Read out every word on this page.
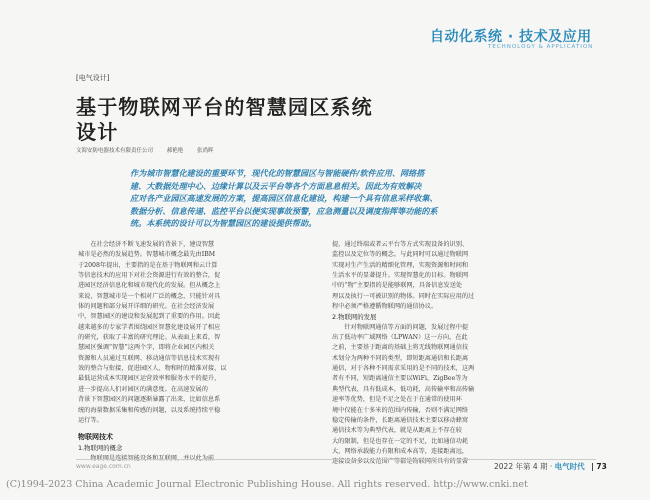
自动化系统 · 技术及应用
TECHNOLOGY & APPLICATION
[电气设计]
基于物联网平台的智慧园区系统
设计
文海安防电器技术有限责任公司	郝艳艳	张尚晖
作为城市智慧化建设的重要环节，现代化的智慧园区与智能硬件/软件应用、网络搭
建、大数据处理中心、边缘计算以及云平台等各个方面息息相关。因此为有效解决
应对各产业园区高速发展的方案，提高园区信息化建设，构建一个具有信息采样收集、
数据分析、信息传递、监控平台以便实现事故预警，应急测量以及调度指挥等功能的系
统。本系统的设计可以为智慧园区的建设提供帮助。
　　在社会经济不断飞速发展的背景下，建设智慧
城市是必然的发展趋势。智慧城市概念最先由IBM
于2008年提出，主要指的是在基于物联网和云计算
等信息技术的应用下对社会资源进行有效的整合，促
进园区经济信息化和城市现代化的发展。但从概念上
来说，智慧城市是一个相对广泛的概念，只能针对具
体的问题和部分展开详细的研究。在社会经济发展
中，智慧园区的建设和发展起到了重要的作用。因此
越来越多的专家学者围绕园区智慧化建设展开了相应
的研究，获取了丰富的研究理论。从表面上来看，智
慧园区强调“智慧”这两个字，即将企业园区内相关
资源和人员通过互联网、移动通信等信息技术实现有
效的整合与衔接，促进园区人、物和时的精准对接，以
最低运营成本实现园区运营效率和服务水平的提升，
进一步提高人们对园区的满意度。在高速发展的
背景下智慧园区的问题逐渐暴露了出来，比如信息系
统的海量数据采集和传感的问题，以及系统持续平稳
运行等。
物联网技术
1.物联网的概念
　　物联网是连接智能设备和互联网，并以此为前
提，通过终端或者云平台等方式实现设备的识别、
监控以及定位等的概念。与此同时可以通过物联网
实现对生产生活的精细化管理，实现资源和时间和
生活水平的显著提升。实现智慧化的目标。物联网
中的“物”主要指的是能够联网，具备信息发送处
理以及执行一可被识别的物体。同时在实际应用的过
程中必须严格遵循物联网的通信协议。
2.物联网的发展
　　针对物联网通信等方面的问题，发展过程中提
出了低功率广域网络（LPWAN）这一方向，在此
之前，主要基于距离的基础上将无线物联网通信技
术划分为两种不同的类型，即短距离通信和长距离
通信，对于各种不同需求采用的是不同的技术，这两
者有不同，短距离通信主要以WiFi，ZigBee等为
典型代表，具有低成本，低功耗，高传输率和高传输
速率等优势，但是不足之处在于在通常的使用环
境中仅能在十多米的范围内传输，否则不满足网络
稳定传输的条件，长距离通信技术主要以移动蜂窝
通信技术等为典型代表，就是从距离上不存在较
大的限制，但是也存在一定的不足，比如通信功耗
大，网络承载能力有限和成本高等，连接距离远，
连接设备多以及范围广等都是物联网所具有的显著
www.eage.com.cn	2022 年第 4 期 · 电气时代 | 73
(C)1994-2023 China Academic Journal Electronic Publishing House. All rights reserved. http://www.cnki.net
